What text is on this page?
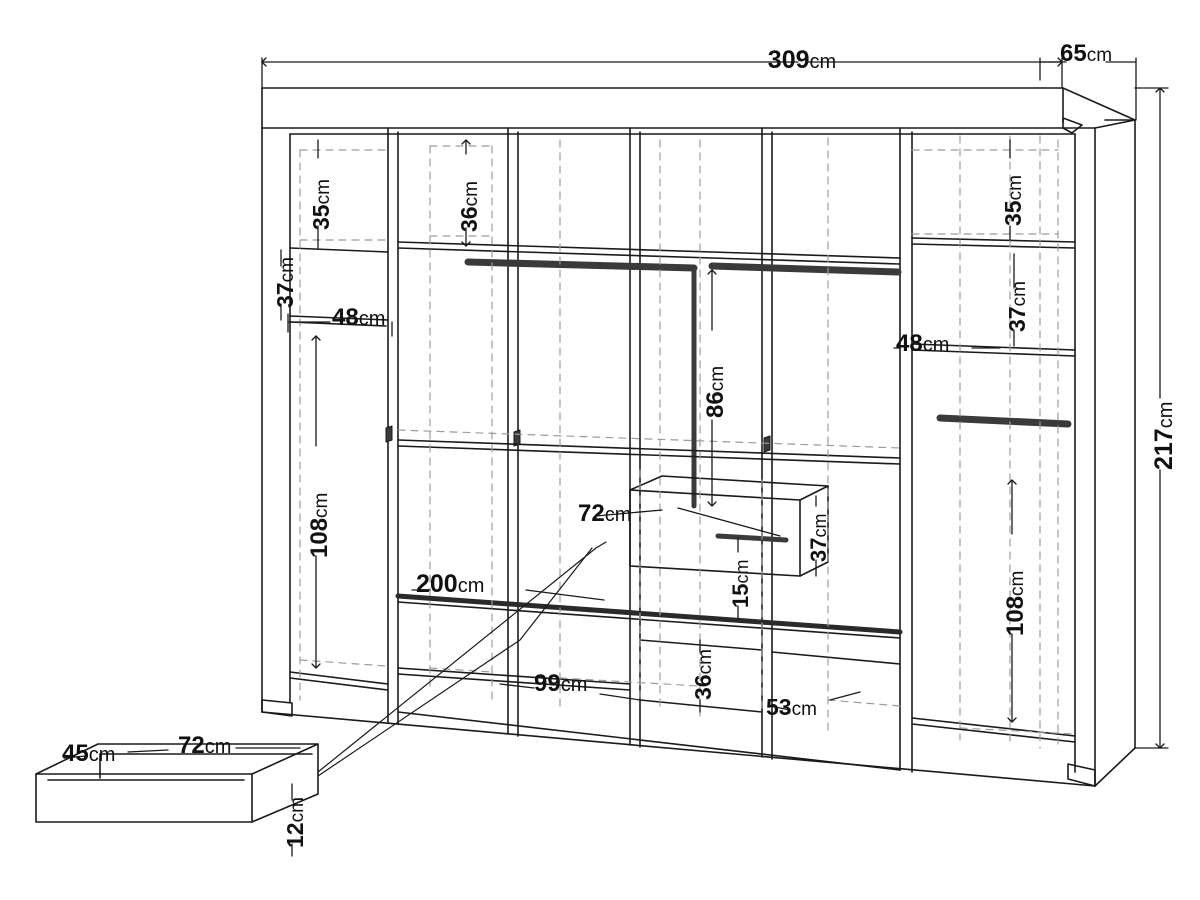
309cm	65cm
217cm
35cm
36cm
37cm
48cm
108cm
86cm
35cm
37cm
48cm
108cm
72cm
37cm
15cm
200cm
36cm
99cm
53cm
45cm	72cm
12cm
